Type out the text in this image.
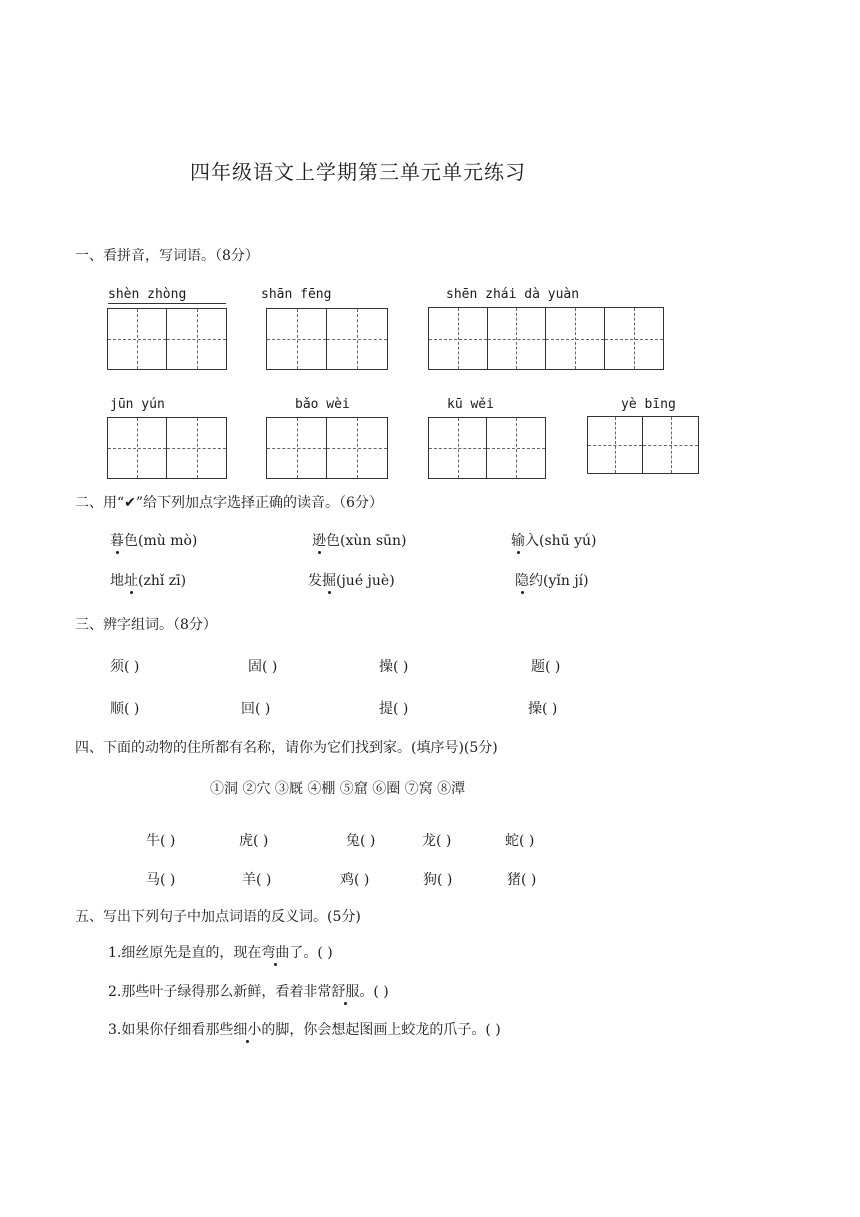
四年级语文上学期第三单元单元练习
一、看拼音，写词语。（8分）
shèn zhòng	shān fēng	shēn zhái dà yuàn
jūn yún	bǎo wèi	kū wěi	yè bīng
二、用“✔”给下列加点字选择正确的读音。（6分）
暮色(mù mò)	逊色(xùn sūn)	输入(shū yú)
地址(zhǐ zī)	发掘(jué juè)	隐约(yǐn jí)
三、辨字组词。（8分）
须( )	固( )	操( )	题( )
顺( )	回( )	提( )	操( )
四、下面的动物的住所都有名称，请你为它们找到家。(填序号)(5分)
①洞 ②穴 ③厩 ④棚 ⑤窟 ⑥圈 ⑦窝 ⑧潭
牛( )	虎( )	兔( )	龙( )	蛇( )
马( )	羊( )	鸡( )	狗( )	猪( )
五、写出下列句子中加点词语的反义词。(5分)
1.细丝原先是直的，现在弯曲了。( )
2.那些叶子绿得那么新鲜，看着非常舒服。( )
3.如果你仔细看那些细小的脚，你会想起图画上蛟龙的爪子。( )
